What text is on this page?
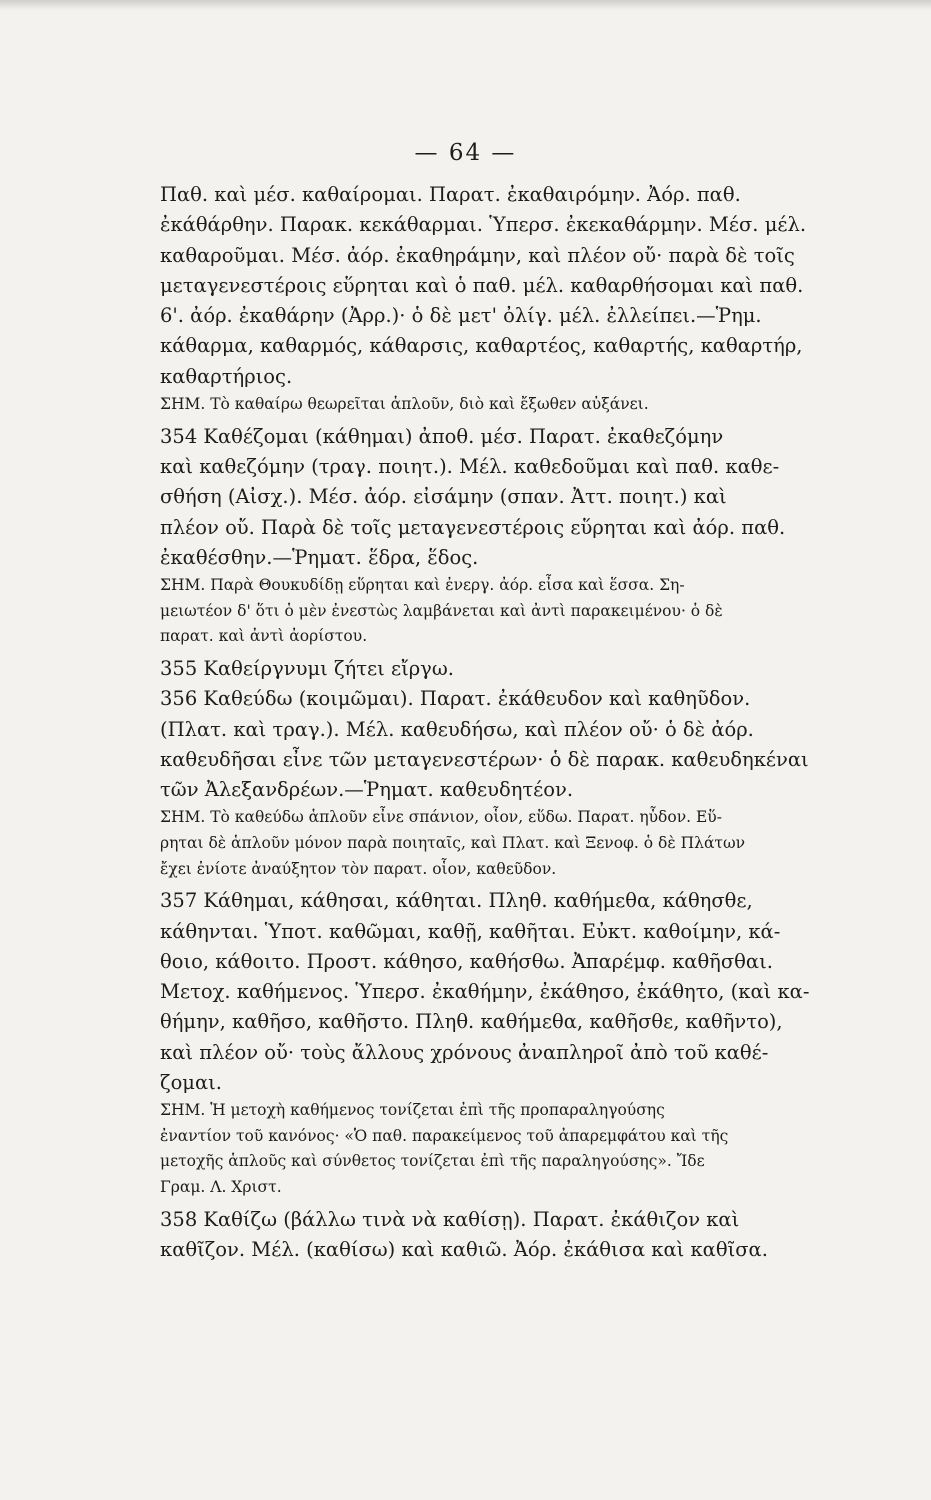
— 64 —
Παθ. καὶ μέσ. καθαίρομαι. Παρατ. ἐκαθαιρόμην. Ἀόρ. παθ.
ἐκάθάρθην. Παρακ. κεκάθαρμαι. Ὑπερσ. ἐκεκαθάρμην. Μέσ. μέλ.
καθαροῦμαι. Μέσ. ἀόρ. ἐκαθηράμην, καὶ πλέον οὔ· παρὰ δὲ τοῖς
μεταγενεστέροις εὕρηται καὶ ὁ παθ. μέλ. καθαρθήσομαι καὶ παθ.
6'. ἀόρ. ἐκαθάρην (Ἀρρ.)· ὁ δὲ μετ' ὀλίγ. μέλ. ἐλλείπει.—Ῥημ.
κάθαρμα, καθαρμός, κάθαρσις, καθαρτέος, καθαρτής, καθαρτήρ,
καθαρτήριος.
ΣΗΜ. Τὸ καθαίρω θεωρεῖται ἁπλοῦν, διὸ καὶ ἔξωθεν αὐξάνει.
354 Καθέζομαι (κάθημαι) ἀποθ. μέσ. Παρατ. ἐκαθεζόμην
καὶ καθεζόμην (τραγ. ποιητ.). Μέλ. καθεδοῦμαι καὶ παθ. καθε-
σθήση (Αἰσχ.). Μέσ. ἀόρ. εἰσάμην (σπαν. Ἀττ. ποιητ.) καὶ
πλέον οὔ. Παρὰ δὲ τοῖς μεταγενεστέροις εὕρηται καὶ ἀόρ. παθ.
ἐκαθέσθην.—Ῥηματ. ἕδρα, ἕδος.
ΣΗΜ. Παρὰ Θουκυδίδῃ εὕρηται καὶ ἐνεργ. ἀόρ. εἶσα καὶ ἕσσα. Ση-
μειωτέον δ' ὅτι ὁ μὲν ἐνεστὼς λαμβάνεται καὶ ἀντὶ παρακειμένου· ὁ δὲ
παρατ. καὶ ἀντὶ ἀορίστου.
355 Καθείργνυμι ζήτει εἴργω.
356 Καθεύδω (κοιμῶμαι). Παρατ. ἐκάθευδον καὶ καθηῦδον.
(Πλατ. καὶ τραγ.). Μέλ. καθευδήσω, καὶ πλέον οὔ· ὁ δὲ ἀόρ.
καθευδῆσαι εἶνε τῶν μεταγενεστέρων· ὁ δὲ παρακ. καθευδηκέναι
τῶν Ἀλεξανδρέων.—Ῥηματ. καθευδητέον.
ΣΗΜ. Τὸ καθεύδω ἁπλοῦν εἶνε σπάνιον, οἷον, εὕδω. Παρατ. ηὗδον. Εὕ-
ρηται δὲ ἁπλοῦν μόνον παρὰ ποιηταῖς, καὶ Πλατ. καὶ Ξενοφ. ὁ δὲ Πλάτων
ἔχει ἐνίοτε ἀναύξητον τὸν παρατ. οἷον, καθεῦδον.
357 Κάθημαι, κάθησαι, κάθηται. Πληθ. καθήμεθα, κάθησθε,
κάθηνται. Ὑποτ. καθῶμαι, καθῇ, καθῆται. Εὐκτ. καθοίμην, κά-
θοιο, κάθοιτο. Προστ. κάθησο, καθήσθω. Ἀπαρέμφ. καθῆσθαι.
Μετοχ. καθήμενος. Ὑπερσ. ἐκαθήμην, ἐκάθησο, ἐκάθητο, (καὶ κα-
θήμην, καθῆσο, καθῆστο. Πληθ. καθήμεθα, καθῆσθε, καθῆντο),
καὶ πλέον οὔ· τοὺς ἄλλους χρόνους ἀναπληροῖ ἀπὸ τοῦ καθέ-
ζομαι.
ΣΗΜ. Ἡ μετοχὴ καθήμενος τονίζεται ἐπὶ τῆς προπαραληγούσης
ἐναντίον τοῦ κανόνος· «Ὁ παθ. παρακείμενος τοῦ ἀπαρεμφάτου καὶ τῆς
μετοχῆς ἁπλοῦς καὶ σύνθετος τονίζεται ἐπὶ τῆς παραληγούσης». Ἴδε
Γραμ. Λ. Χριστ.
358 Καθίζω (βάλλω τινὰ νὰ καθίσῃ). Παρατ. ἐκάθιζον καὶ
καθῖζον. Μέλ. (καθίσω) καὶ καθιῶ. Ἀόρ. ἐκάθισα καὶ καθῖσα.
